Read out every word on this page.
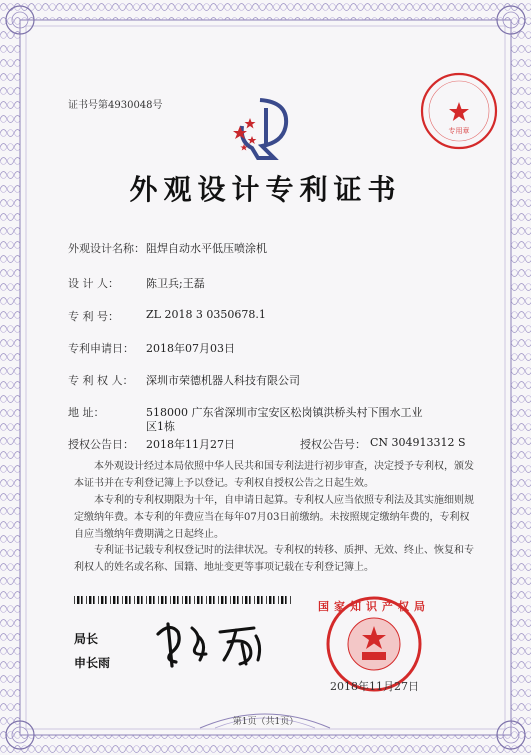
证书号第4930048号
专用章
外观设计专利证书
外观设计名称： 阻焊自动水平低压喷涂机
设 计 人： 陈卫兵;王磊
专 利 号： ZL 2018 3 0350678.1
专利申请日： 2018年07月03日
专 利 权 人： 深圳市荣德机器人科技有限公司
地 址：	518000 广东省深圳市宝安区松岗镇洪桥头村下围水工业
区1栋
授权公告日： 2018年11月27日	授权公告号： CN 304913312 S
本外观设计经过本局依照中华人民共和国专利法进行初步审查，决定授予专利权，颁发本证书并在专利登记簿上予以登记。专利权自授权公告之日起生效。
本专利的专利权期限为十年，自申请日起算。专利权人应当依照专利法及其实施细则规定缴纳年费。本专利的年费应当在每年07月03日前缴纳。未按照规定缴纳年费的，专利权自应当缴纳年费期满之日起终止。
专利证书记载专利权登记时的法律状况。专利权的转移、质押、无效、终止、恢复和专利权人的姓名或名称、国籍、地址变更等事项记载在专利登记簿上。
局长
申长雨
国家知识产权局
2018年11月27日
第1页（共1页）
